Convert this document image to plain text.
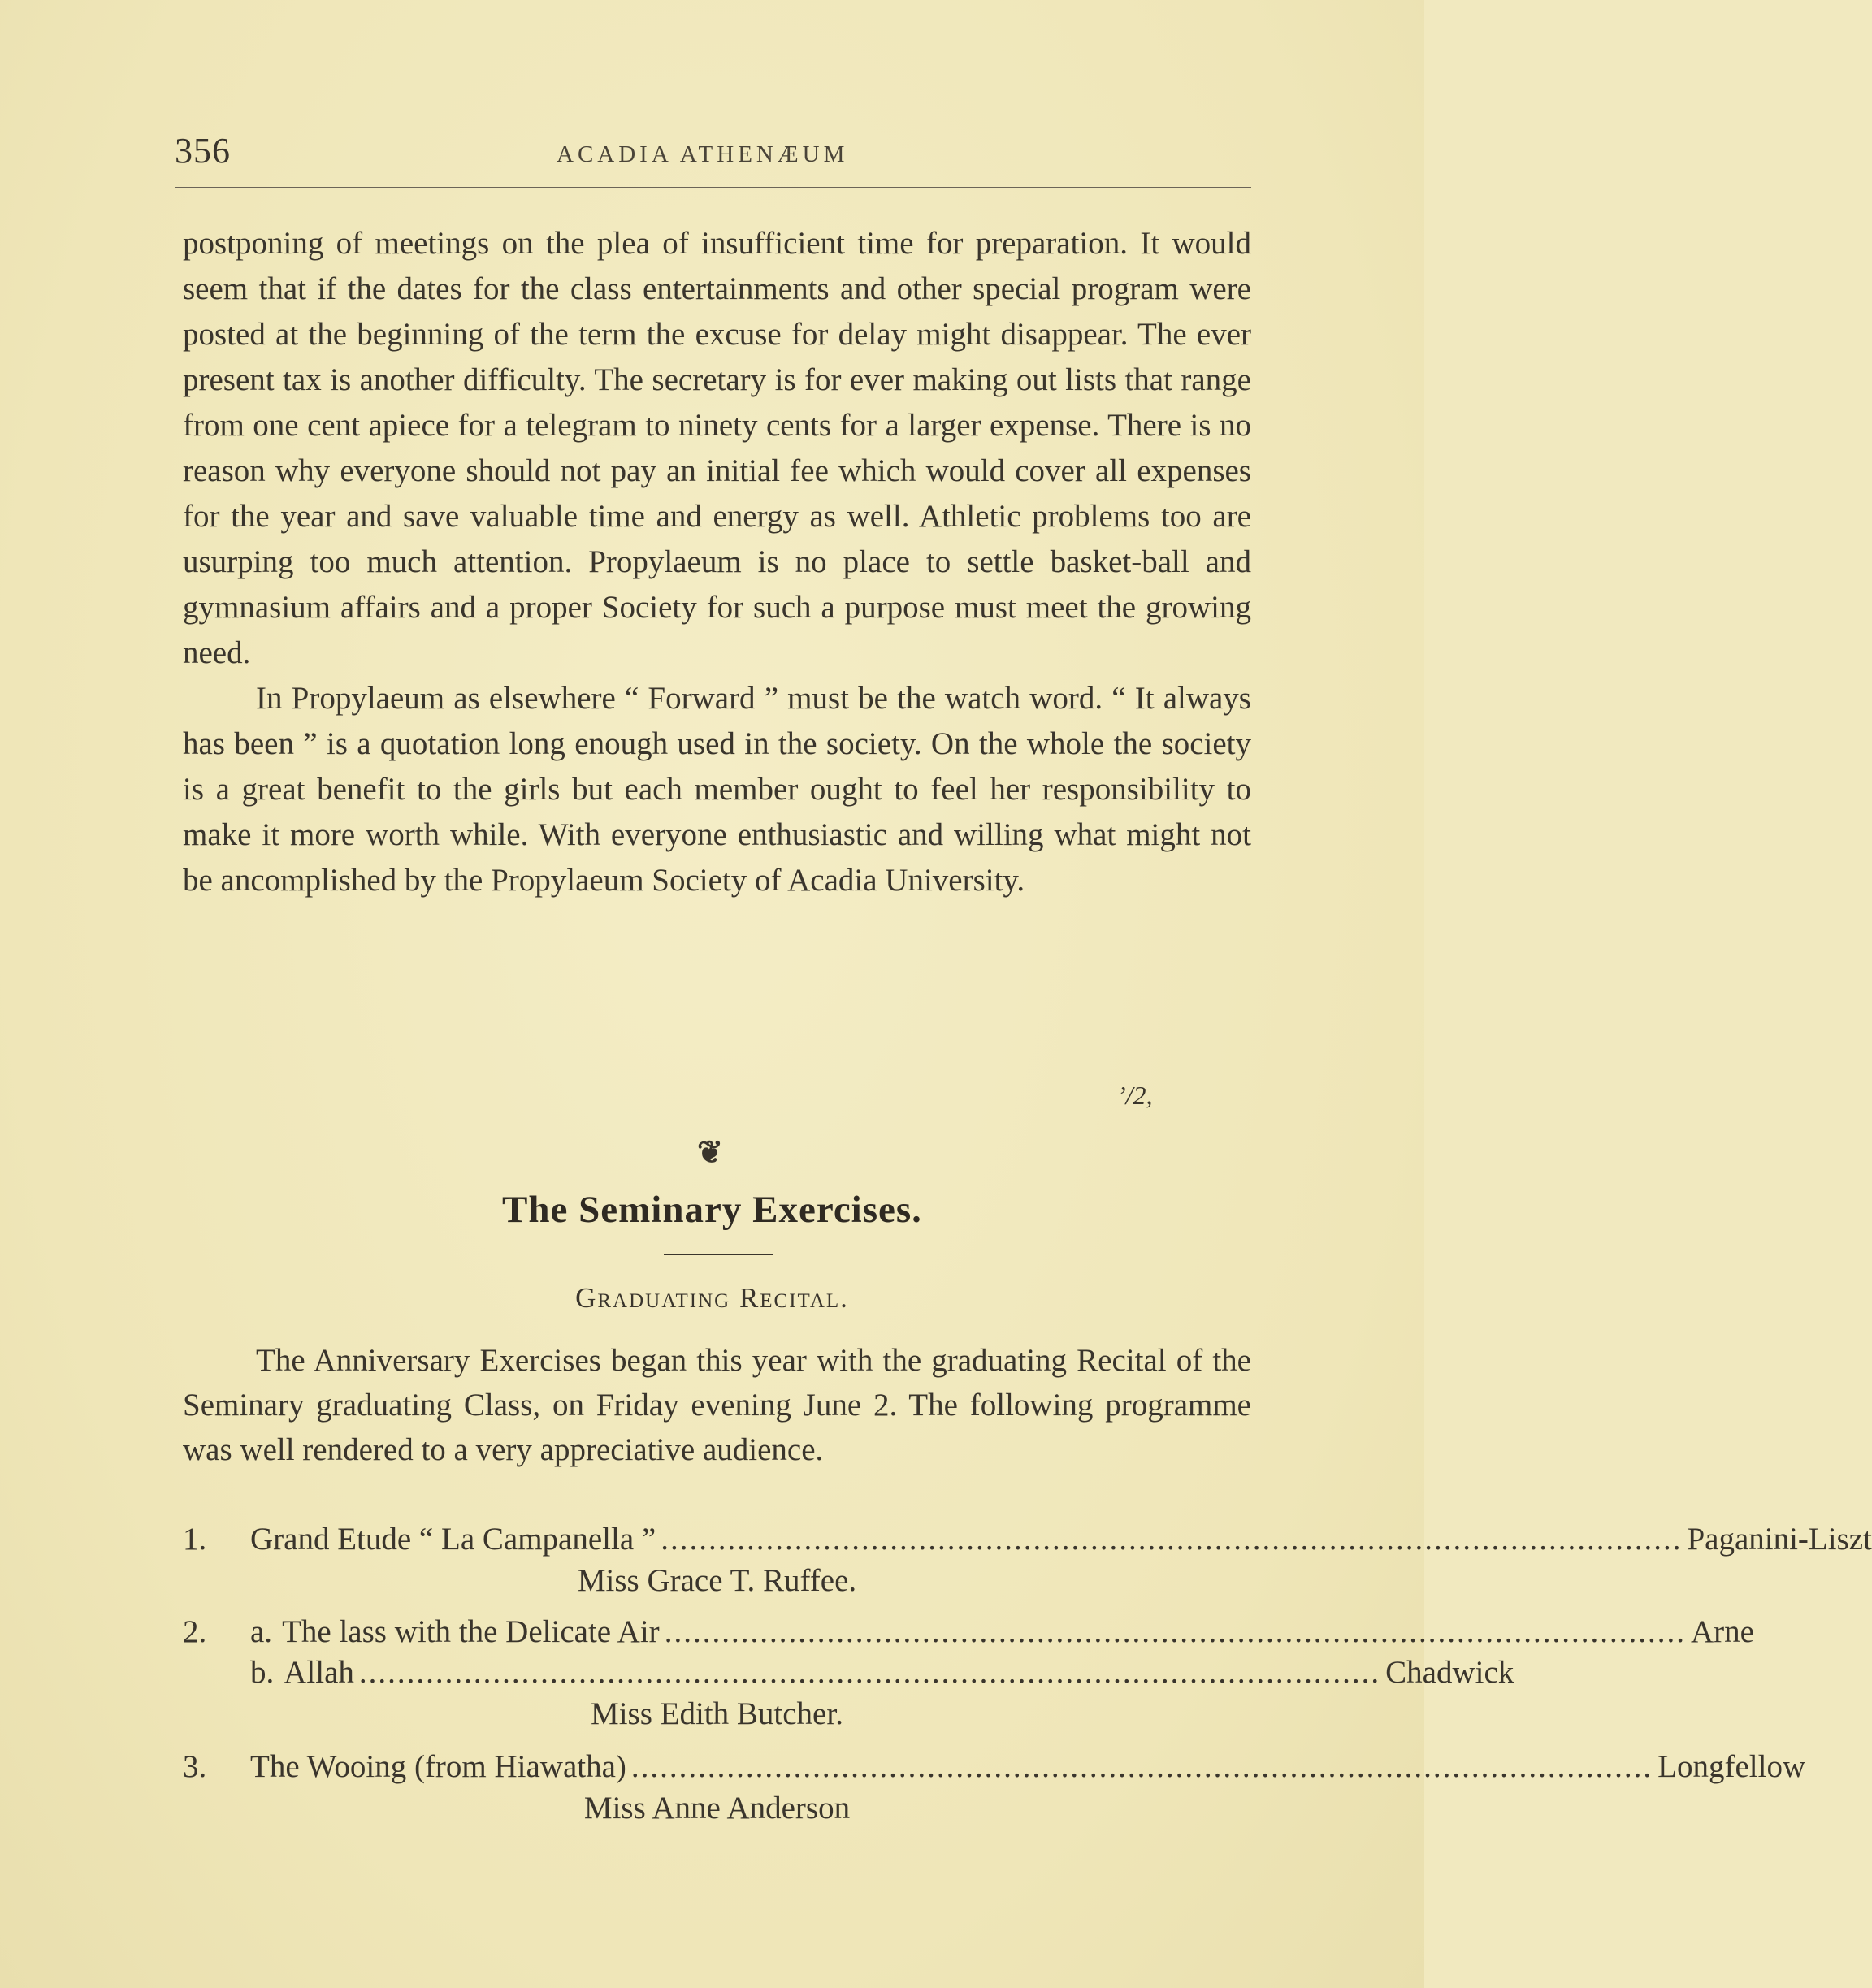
356	ACADIA ATHENÆUM

postponing of meetings on the plea of insufficient time for preparation. It would seem that if the dates for the class entertainments and other special program were posted at the beginning of the term the excuse for delay might disappear. The ever present tax is another difficulty. The secretary is for ever making out lists that range from one cent apiece for a telegram to ninety cents for a larger expense. There is no reason why everyone should not pay an initial fee which would cover all expenses for the year and save valuable time and energy as well. Athletic problems too are usurping too much attention. Propylaeum is no place to settle basket-ball and gymnasium affairs and a proper Society for such a purpose must meet the growing need.

In Propylaeum as elsewhere “ Forward ” must be the watch word. “ It always has been ” is a quotation long enough used in the society. On the whole the society is a great benefit to the girls but each member ought to feel her responsibility to make it more worth while. With everyone enthusiastic and willing what might not be ancomplished by the Propylaeum Society of Acadia University.

’/2,
❦
The Seminary Exercises.
Graduating Recital.

The Anniversary Exercises began this year with the graduating Recital of the Seminary graduating Class, on Friday evening June 2. The following programme was well rendered to a very appreciative audience.

1.	Grand Etude “ La Campanella ” ........................................................................................................... Paganini-Liszt
Miss Grace T. Ruffee.
2.	a. The lass with the Delicate Air ........................................................................................................... Arne
b. Allah ........................................................................................................... Chadwick
Miss Edith Butcher.
3.	The Wooing (from Hiawatha) ........................................................................................................... Longfellow
Miss Anne Anderson
